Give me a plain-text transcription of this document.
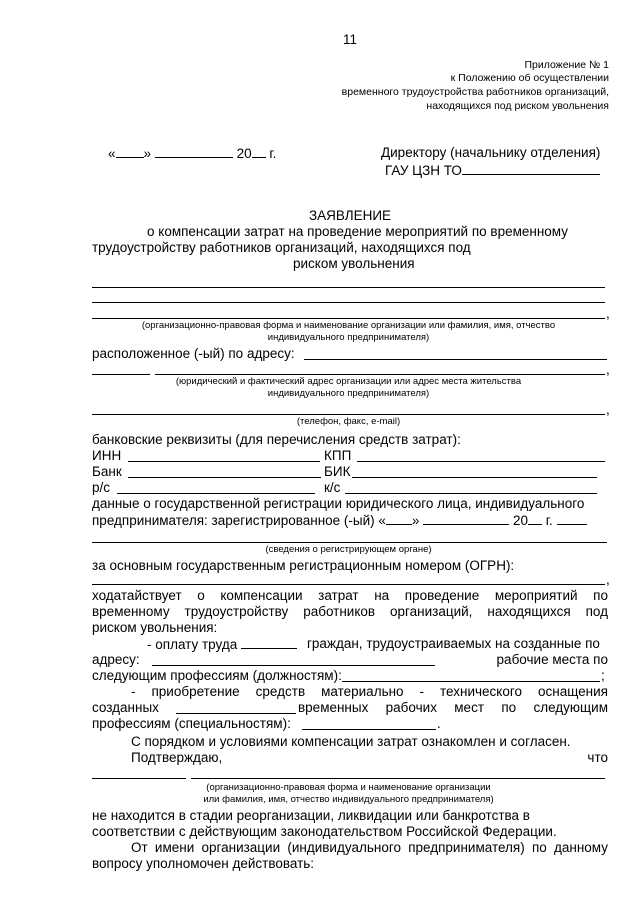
11
Приложение № 1
к Положению об осуществлении
временного трудоустройства работников организаций,
находящихся под риском увольнения
« »	20 г.	Директору (начальнику отделения)
ГАУ ЦЗН ТО
ЗАЯВЛЕНИЕ
о компенсации затрат на проведение мероприятий по временному
трудоустройству работников организаций, находящихся под
риском увольнения
,
(организационно-правовая форма и наименование организации или фамилия, имя, отчество
индивидуального предпринимателя)
расположенное (-ый) по адресу:
,
(юридический и фактический адрес организации или адрес места жительства
индивидуального предпринимателя)
,
(телефон, факс, e-mail)
банковские реквизиты (для перечисления средств затрат):
ИНН	КПП
Банк	БИК
р/с	к/с
данные о государственной регистрации юридического лица, индивидуального
предпринимателя: зарегистрированное (-ый) « »	20 г.
(сведения о регистрирующем органе)
за основным государственным регистрационным номером (ОГРН):
,
ходатайствует о компенсации затрат на проведение мероприятий по
временному трудоустройству работников организаций, находящихся под
риском увольнения:
- оплату труда	граждан, трудоустраиваемых на созданные по
адресу:	рабочие места по
следующим профессиям (должностям):	;
- приобретение средств материально - технического оснащения
созданных	временных рабочих мест по следующим
профессиям (специальностям):	.
С порядком и условиями компенсации затрат ознакомлен и согласен.
Подтверждаю,	что
(организационно-правовая форма и наименование организации
или фамилия, имя, отчество индивидуального предпринимателя)
не находится в стадии реорганизации, ликвидации или банкротства в
соответствии с действующим законодательством Российской Федерации.
От имени организации (индивидуального предпринимателя) по данному
вопросу уполномочен действовать:
